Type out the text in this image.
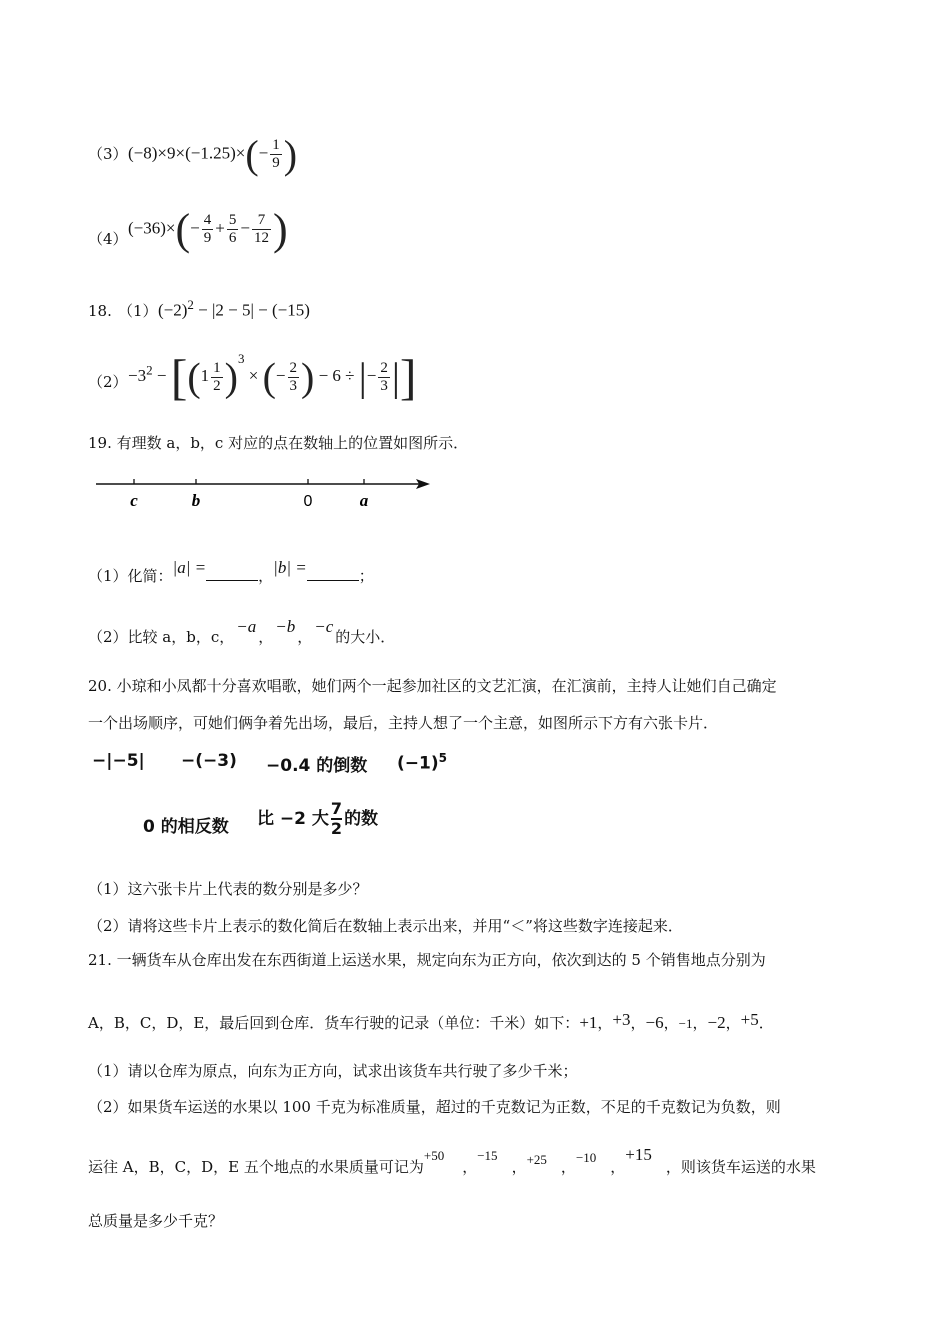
（3） $(-8)\times 9\times(-1.25)\times(- \frac{1}{9}$ )
（4）
$(-36)\times(- \frac{4}{9} + \frac{5}{6} - \frac{7}{12}$ )
18. （1） $(-2)^2 - |2 - 5| - (-15)$
$(2) -3^2 - [(1 \frac{1}{2} )^3$ × (− $\frac{2}{3}$ ) − 6 ÷ |− $\frac{2}{3}$ |]
19. 有理数 a，b，c 对应的点在数轴上的位置如图所示．
c	b	0	a
（1）化简：|a| =	，|b| =	；
（2）比较 a，b，c，−a，−b，−c的大小．
20. 小琼和小凤都十分喜欢唱歌，她们两个一起参加社区的文艺汇演，在汇演前，主持人让她们自己确定
一个出场顺序，可她们俩争着先出场，最后，主持人想了一个主意，如图所示下方有六张卡片．
−|−5| −(−3) −0.4 的倒数 $(-1)^5$
0 的相反数 比 −2 大 $\frac{7}{2}$ 的数
（1）这六张卡片上代表的数分别是多少？
（2）请将这些卡片上表示的数化简后在数轴上表示出来，并用“＜”将这些数字连接起来．
21. 一辆货车从仓库出发在东西街道上运送水果，规定向东为正方向，依次到达的 5 个销售地点分别为
A，B，C，D，E，最后回到仓库．货车行驶的记录（单位：千米）如下：+1，+3，−6，−1，−2，+5．
（1）请以仓库为原点，向东为正方向，试求出该货车共行驶了多少千米；
（2）如果货车运送的水果以 100 千克为标准质量，超过的千克数记为正数，不足的千克数记为负数，则
运往 A，B，C，D，E 五个地点的水果质量可记为+50，−15，+25 ，−10，+15，则该货车运送的水果
总质量是多少千克？
